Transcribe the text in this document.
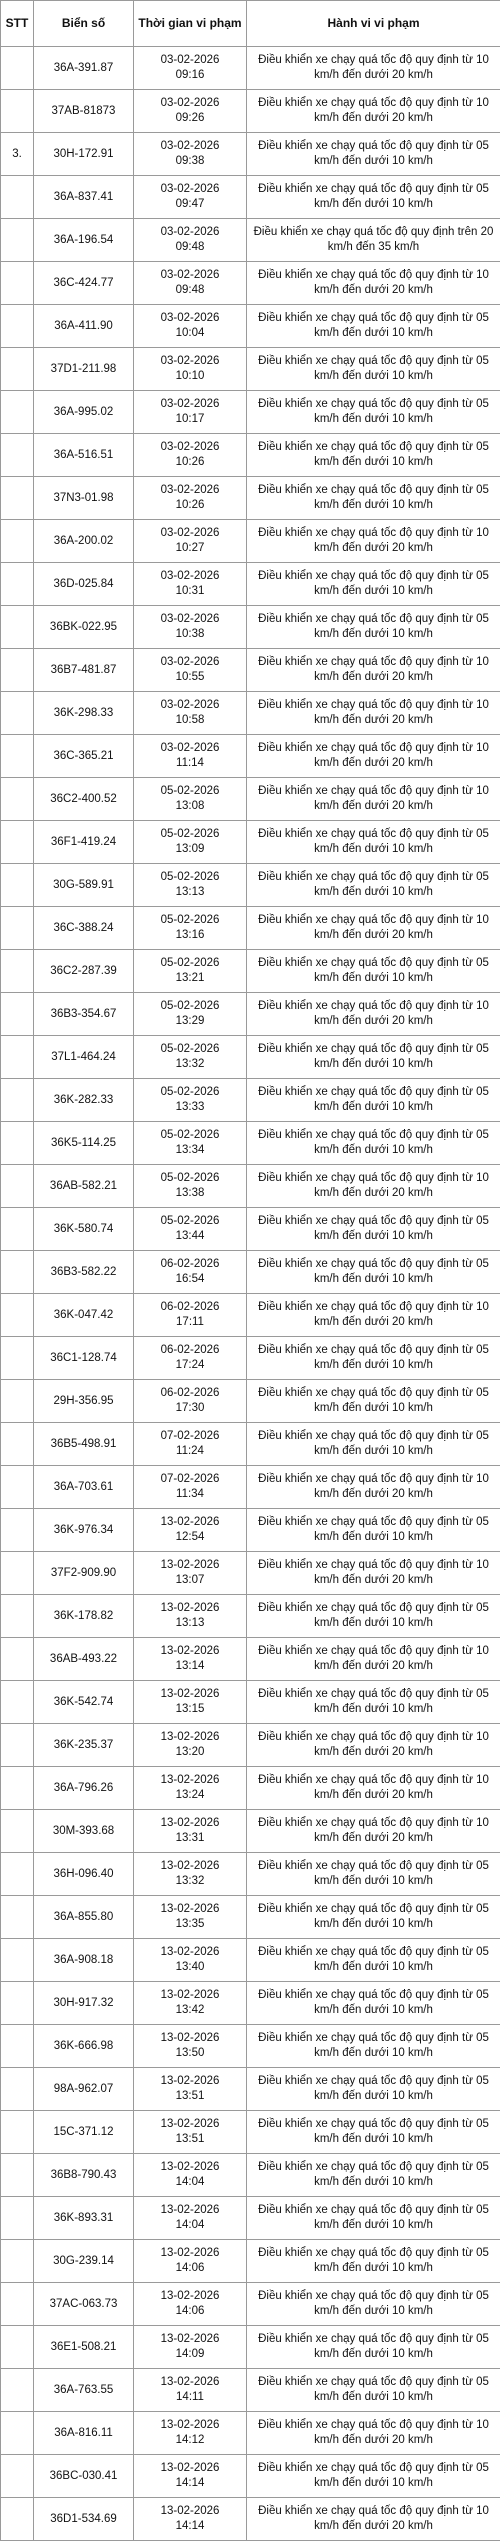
STT	Biển số	Thời gian vi phạm	Hành vi vi phạm
	36A-391.87	03-02-2026
09:16	Điều khiển xe chạy quá tốc độ quy định từ 10 km/h đến dưới 20 km/h
	37AB-81873	03-02-2026
09:26	Điều khiển xe chạy quá tốc độ quy định từ 10 km/h đến dưới 20 km/h
3.	30H-172.91	03-02-2026
09:38	Điều khiển xe chạy quá tốc độ quy định từ 05 km/h đến dưới 10 km/h
	36A-837.41	03-02-2026
09:47	Điều khiển xe chạy quá tốc độ quy định từ 05 km/h đến dưới 10 km/h
	36A-196.54	03-02-2026
09:48	Điều khiển xe chạy quá tốc độ quy định trên 20 km/h đến 35 km/h
	36C-424.77	03-02-2026
09:48	Điều khiển xe chạy quá tốc độ quy định từ 10 km/h đến dưới 20 km/h
	36A-411.90	03-02-2026
10:04	Điều khiển xe chạy quá tốc độ quy định từ 05 km/h đến dưới 10 km/h
	37D1-211.98	03-02-2026
10:10	Điều khiển xe chạy quá tốc độ quy định từ 05 km/h đến dưới 10 km/h
	36A-995.02	03-02-2026
10:17	Điều khiển xe chạy quá tốc độ quy định từ 05 km/h đến dưới 10 km/h
	36A-516.51	03-02-2026
10:26	Điều khiển xe chạy quá tốc độ quy định từ 05 km/h đến dưới 10 km/h
	37N3-01.98	03-02-2026
10:26	Điều khiển xe chạy quá tốc độ quy định từ 05 km/h đến dưới 10 km/h
	36A-200.02	03-02-2026
10:27	Điều khiển xe chạy quá tốc độ quy định từ 10 km/h đến dưới 20 km/h
	36D-025.84	03-02-2026
10:31	Điều khiển xe chạy quá tốc độ quy định từ 05 km/h đến dưới 10 km/h
	36BK-022.95	03-02-2026
10:38	Điều khiển xe chạy quá tốc độ quy định từ 05 km/h đến dưới 10 km/h
	36B7-481.87	03-02-2026
10:55	Điều khiển xe chạy quá tốc độ quy định từ 10 km/h đến dưới 20 km/h
	36K-298.33	03-02-2026
10:58	Điều khiển xe chạy quá tốc độ quy định từ 10 km/h đến dưới 20 km/h
	36C-365.21	03-02-2026
11:14	Điều khiển xe chạy quá tốc độ quy định từ 10 km/h đến dưới 20 km/h
	36C2-400.52	05-02-2026
13:08	Điều khiển xe chạy quá tốc độ quy định từ 10 km/h đến dưới 20 km/h
	36F1-419.24	05-02-2026
13:09	Điều khiển xe chạy quá tốc độ quy định từ 05 km/h đến dưới 10 km/h
	30G-589.91	05-02-2026
13:13	Điều khiển xe chạy quá tốc độ quy định từ 05 km/h đến dưới 10 km/h
	36C-388.24	05-02-2026
13:16	Điều khiển xe chạy quá tốc độ quy định từ 10 km/h đến dưới 20 km/h
	36C2-287.39	05-02-2026
13:21	Điều khiển xe chạy quá tốc độ quy định từ 05 km/h đến dưới 10 km/h
	36B3-354.67	05-02-2026
13:29	Điều khiển xe chạy quá tốc độ quy định từ 10 km/h đến dưới 20 km/h
	37L1-464.24	05-02-2026
13:32	Điều khiển xe chạy quá tốc độ quy định từ 05 km/h đến dưới 10 km/h
	36K-282.33	05-02-2026
13:33	Điều khiển xe chạy quá tốc độ quy định từ 05 km/h đến dưới 10 km/h
	36K5-114.25	05-02-2026
13:34	Điều khiển xe chạy quá tốc độ quy định từ 05 km/h đến dưới 10 km/h
	36AB-582.21	05-02-2026
13:38	Điều khiển xe chạy quá tốc độ quy định từ 10 km/h đến dưới 20 km/h
	36K-580.74	05-02-2026
13:44	Điều khiển xe chạy quá tốc độ quy định từ 05 km/h đến dưới 10 km/h
	36B3-582.22	06-02-2026
16:54	Điều khiển xe chạy quá tốc độ quy định từ 05 km/h đến dưới 10 km/h
	36K-047.42	06-02-2026
17:11	Điều khiển xe chạy quá tốc độ quy định từ 10 km/h đến dưới 20 km/h
	36C1-128.74	06-02-2026
17:24	Điều khiển xe chạy quá tốc độ quy định từ 05 km/h đến dưới 10 km/h
	29H-356.95	06-02-2026
17:30	Điều khiển xe chạy quá tốc độ quy định từ 05 km/h đến dưới 10 km/h
	36B5-498.91	07-02-2026
11:24	Điều khiển xe chạy quá tốc độ quy định từ 05 km/h đến dưới 10 km/h
	36A-703.61	07-02-2026
11:34	Điều khiển xe chạy quá tốc độ quy định từ 10 km/h đến dưới 20 km/h
	36K-976.34	13-02-2026
12:54	Điều khiển xe chạy quá tốc độ quy định từ 05 km/h đến dưới 10 km/h
	37F2-909.90	13-02-2026
13:07	Điều khiển xe chạy quá tốc độ quy định từ 10 km/h đến dưới 20 km/h
	36K-178.82	13-02-2026
13:13	Điều khiển xe chạy quá tốc độ quy định từ 05 km/h đến dưới 10 km/h
	36AB-493.22	13-02-2026
13:14	Điều khiển xe chạy quá tốc độ quy định từ 10 km/h đến dưới 20 km/h
	36K-542.74	13-02-2026
13:15	Điều khiển xe chạy quá tốc độ quy định từ 05 km/h đến dưới 10 km/h
	36K-235.37	13-02-2026
13:20	Điều khiển xe chạy quá tốc độ quy định từ 10 km/h đến dưới 20 km/h
	36A-796.26	13-02-2026
13:24	Điều khiển xe chạy quá tốc độ quy định từ 10 km/h đến dưới 20 km/h
	30M-393.68	13-02-2026
13:31	Điều khiển xe chạy quá tốc độ quy định từ 10 km/h đến dưới 20 km/h
	36H-096.40	13-02-2026
13:32	Điều khiển xe chạy quá tốc độ quy định từ 05 km/h đến dưới 10 km/h
	36A-855.80	13-02-2026
13:35	Điều khiển xe chạy quá tốc độ quy định từ 05 km/h đến dưới 10 km/h
	36A-908.18	13-02-2026
13:40	Điều khiển xe chạy quá tốc độ quy định từ 05 km/h đến dưới 10 km/h
	30H-917.32	13-02-2026
13:42	Điều khiển xe chạy quá tốc độ quy định từ 05 km/h đến dưới 10 km/h
	36K-666.98	13-02-2026
13:50	Điều khiển xe chạy quá tốc độ quy định từ 05 km/h đến dưới 10 km/h
	98A-962.07	13-02-2026
13:51	Điều khiển xe chạy quá tốc độ quy định từ 05 km/h đến dưới 10 km/h
	15C-371.12	13-02-2026
13:51	Điều khiển xe chạy quá tốc độ quy định từ 05 km/h đến dưới 10 km/h
	36B8-790.43	13-02-2026
14:04	Điều khiển xe chạy quá tốc độ quy định từ 05 km/h đến dưới 10 km/h
	36K-893.31	13-02-2026
14:04	Điều khiển xe chạy quá tốc độ quy định từ 05 km/h đến dưới 10 km/h
	30G-239.14	13-02-2026
14:06	Điều khiển xe chạy quá tốc độ quy định từ 05 km/h đến dưới 10 km/h
	37AC-063.73	13-02-2026
14:06	Điều khiển xe chạy quá tốc độ quy định từ 05 km/h đến dưới 10 km/h
	36E1-508.21	13-02-2026
14:09	Điều khiển xe chạy quá tốc độ quy định từ 05 km/h đến dưới 10 km/h
	36A-763.55	13-02-2026
14:11	Điều khiển xe chạy quá tốc độ quy định từ 05 km/h đến dưới 10 km/h
	36A-816.11	13-02-2026
14:12	Điều khiển xe chạy quá tốc độ quy định từ 10 km/h đến dưới 20 km/h
	36BC-030.41	13-02-2026
14:14	Điều khiển xe chạy quá tốc độ quy định từ 05 km/h đến dưới 10 km/h
	36D1-534.69	13-02-2026
14:14	Điều khiển xe chạy quá tốc độ quy định từ 10 km/h đến dưới 20 km/h
